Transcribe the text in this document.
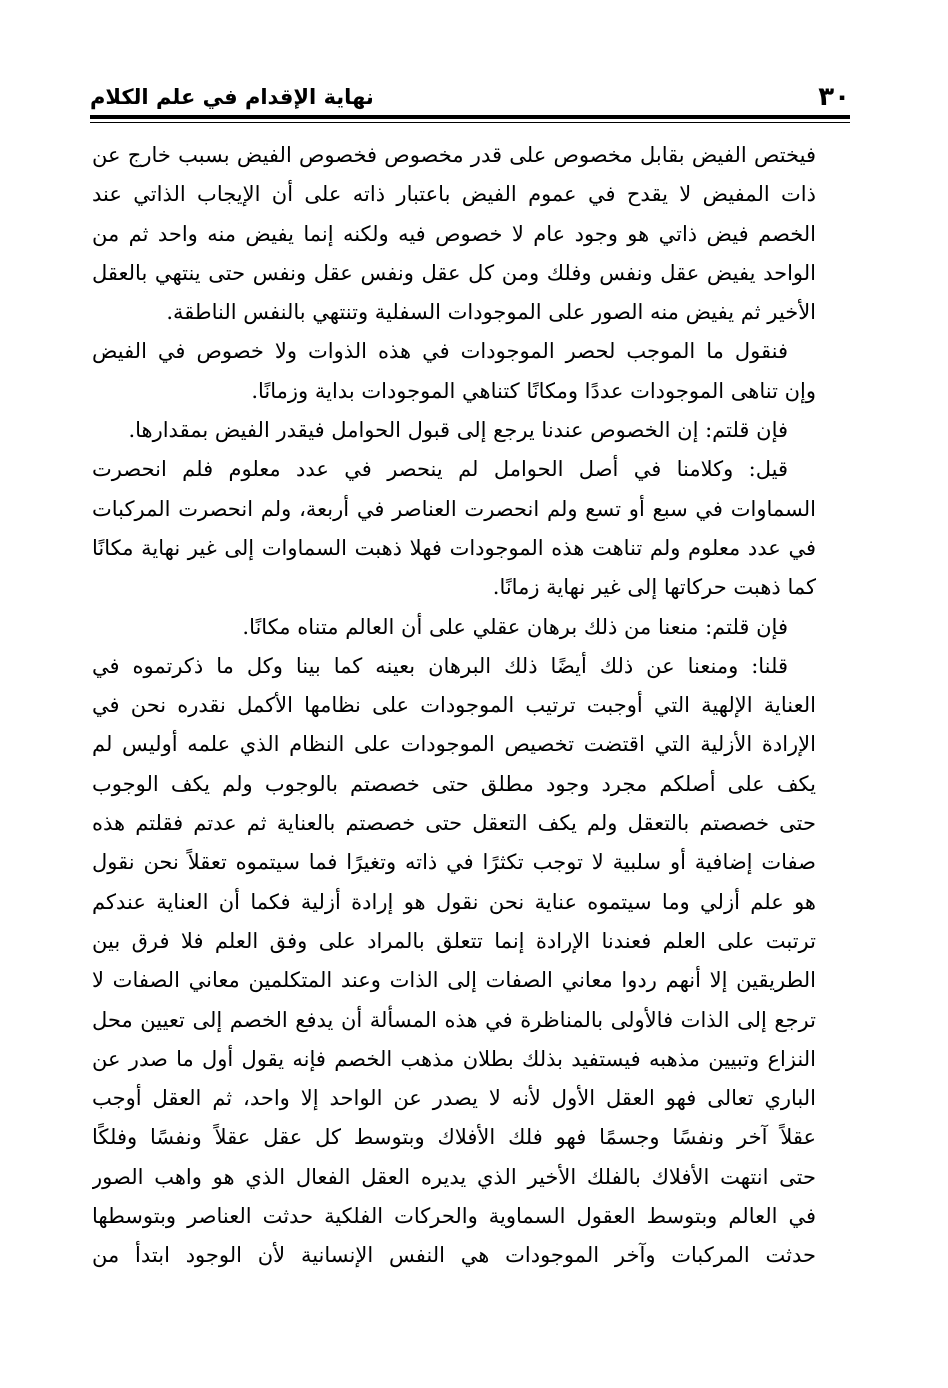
٣٠
نهاية الإقدام في علم الكلام
فيختص الفيض بقابل مخصوص على قدر مخصوص فخصوص الفيض بسبب خارج عن
ذات المفيض لا يقدح في عموم الفيض باعتبار ذاته على أن الإيجاب الذاتي عند
الخصم فيض ذاتي هو وجود عام لا خصوص فيه ولكنه إنما يفيض منه واحد ثم من
الواحد يفيض عقل ونفس وفلك ومن كل عقل ونفس عقل ونفس حتى ينتهي بالعقل
الأخير ثم يفيض منه الصور على الموجودات السفلية وتنتهي بالنفس الناطقة.
فنقول ما الموجب لحصر الموجودات في هذه الذوات ولا خصوص في الفيض
وإن تناهى الموجودات عددًا ومكانًا كتناهي الموجودات بداية وزمانًا.
فإن قلتم: إن الخصوص عندنا يرجع إلى قبول الحوامل فيقدر الفيض بمقدارها.
قيل: وكلامنا في أصل الحوامل لم ينحصر في عدد معلوم فلم انحصرت
السماوات في سبع أو تسع ولم انحصرت العناصر في أربعة، ولم انحصرت المركبات
في عدد معلوم ولم تناهت هذه الموجودات فهلا ذهبت السماوات إلى غير نهاية مكانًا
كما ذهبت حركاتها إلى غير نهاية زمانًا.
فإن قلتم: منعنا من ذلك برهان عقلي على أن العالم متناه مكانًا.
قلنا: ومنعنا عن ذلك أيضًا ذلك البرهان بعينه كما بينا وكل ما ذكرتموه في
العناية الإلهية التي أوجبت ترتيب الموجودات على نظامها الأكمل نقدره نحن في
الإرادة الأزلية التي اقتضت تخصيص الموجودات على النظام الذي علمه أوليس لم
يكف على أصلكم مجرد وجود مطلق حتى خصصتم بالوجوب ولم يكف الوجوب
حتى خصصتم بالتعقل ولم يكف التعقل حتى خصصتم بالعناية ثم عدتم فقلتم هذه
صفات إضافية أو سلبية لا توجب تكثرًا في ذاته وتغيرًا فما سيتموه تعقلاً نحن نقول
هو علم أزلي وما سيتموه عناية نحن نقول هو إرادة أزلية فكما أن العناية عندكم
ترتبت على العلم فعندنا الإرادة إنما تتعلق بالمراد على وفق العلم فلا فرق بين
الطريقين إلا أنهم ردوا معاني الصفات إلى الذات وعند المتكلمين معاني الصفات لا
ترجع إلى الذات فالأولى بالمناظرة في هذه المسألة أن يدفع الخصم إلى تعيين محل
النزاع وتبيين مذهبه فيستفيد بذلك بطلان مذهب الخصم فإنه يقول أول ما صدر عن
الباري تعالى فهو العقل الأول لأنه لا يصدر عن الواحد إلا واحد، ثم العقل أوجب
عقلاً آخر ونفسًا وجسمًا فهو فلك الأفلاك وبتوسط كل عقل عقلاً ونفسًا وفلكًا
حتى انتهت الأفلاك بالفلك الأخير الذي يديره العقل الفعال الذي هو واهب الصور
في العالم وبتوسط العقول السماوية والحركات الفلكية حدثت العناصر وبتوسطها
حدثت المركبات وآخر الموجودات هي النفس الإنسانية لأن الوجود ابتدأ من
